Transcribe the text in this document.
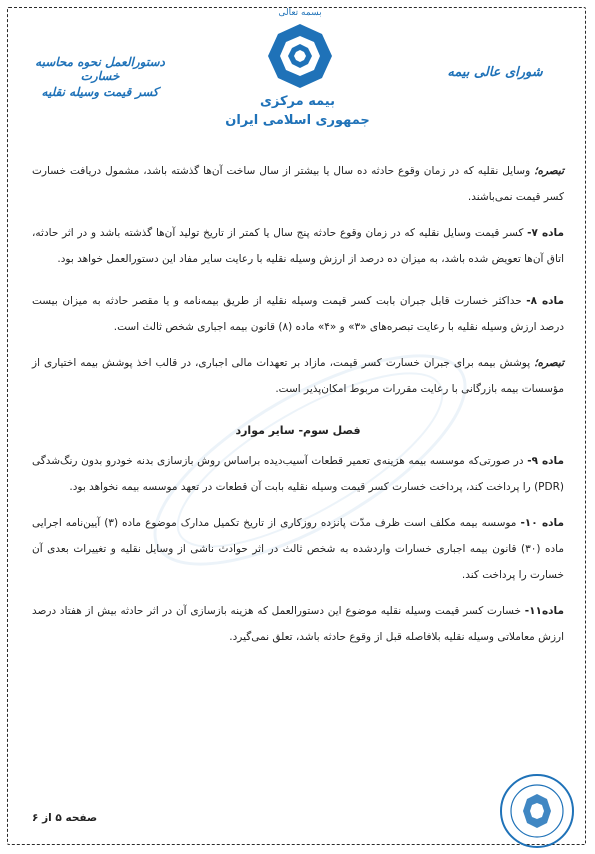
بسمه تعالی
بیمه مرکزی
جمهوری اسلامی ایران
دستورالعمل نحوه محاسبه خسارت
کسر قیمت وسیله نقلیه
شورای عالی بیمه

تبصره؛ وسایل نقلیه که در زمان وقوع حادثه ده سال یا بیشتر از سال ساخت آن‌ها گذشته باشد، مشمول دریافت خسارت کسر قیمت نمی‌باشند.

ماده ۷- کسر قیمت وسایل نقلیه که در زمان وقوع حادثه پنج سال یا کمتر از تاریخ تولید آن‌ها گذشته باشد و در اثر حادثه، اتاق آن‌ها تعویض شده باشد، به میزان ده درصد از ارزش وسیله نقلیه با رعایت سایر مفاد این دستورالعمل خواهد بود.

ماده ۸- حداکثر خسارت قابل جبران بابت کسر قیمت وسیله نقلیه از طریق بیمه‌نامه و یا مقصر حادثه به میزان بیست درصد ارزش وسیله نقلیه با رعایت تبصره‌های «۳» و «۴» ماده (۸) قانون بیمه اجباری شخص ثالث است.

تبصره؛ پوشش بیمه برای جبران خسارت کسر قیمت، مازاد بر تعهدات مالی اجباری، در قالب اخذ پوشش بیمه اختیاری از مؤسسات بیمه بازرگانی با رعایت مقررات مربوط امکان‌پذیر است.

فصل سوم- سایر موارد

ماده ۹- در صورتی‌که موسسه بیمه هزینه‌ی تعمیر قطعات آسیب‌دیده براساس روش بازسازی بدنه خودرو بدون رنگ‌شدگی (PDR) را پرداخت کند، پرداخت خسارت کسر قیمت وسیله نقلیه بابت آن قطعات در تعهد موسسه بیمه نخواهد بود.

ماده ۱۰- موسسه بیمه مکلف است ظرف مدّت پانزده روزکاری از تاریخ تکمیل مدارک موضوع ماده (۳) آیین‌نامه اجرایی ماده (۳۰) قانون بیمه اجباری خسارات واردشده به شخص ثالث در اثر حوادث ناشی از وسایل نقلیه و تغییرات بعدی آن خسارت را پرداخت کند.

ماده۱۱- خسارت کسر قیمت وسیله نقلیه موضوع این دستورالعمل که هزینه بازسازی آن در اثر حادثه بیش از هفتاد درصد ارزش معاملاتی وسیله نقلیه بلافاصله قبل از وقوع حادثه باشد، تعلق نمی‌گیرد.

صفحه ۵ از ۶
